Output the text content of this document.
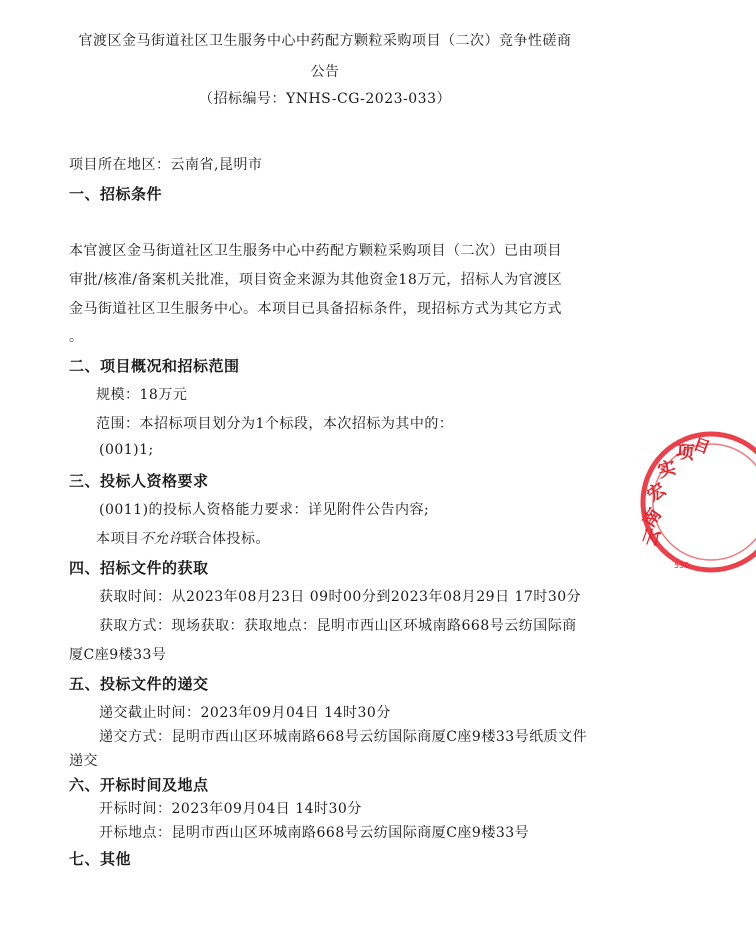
官渡区金马街道社区卫生服务中心中药配方颗粒采购项目（二次）竞争性磋商
公告
（招标编号：YNHS-CG-2023-033）
项目所在地区：云南省,昆明市
一、招标条件
本官渡区金马街道社区卫生服务中心中药配方颗粒采购项目（二次）已由项目
审批/核准/备案机关批准，项目资金来源为其他资金18万元，招标人为官渡区
金马街道社区卫生服务中心。本项目已具备招标条件，现招标方式为其它方式
。
二、项目概况和招标范围
规模：18万元
范围：本招标项目划分为1个标段，本次招标为其中的：
(001)1;
三、投标人资格要求
(0011)的投标人资格能力要求：详见附件公告内容;
本项目不允许联合体投标。
四、招标文件的获取
获取时间：从2023年08月23日 09时00分到2023年08月29日 17时30分
获取方式：现场获取：获取地点：昆明市西山区环城南路668号云纺国际商
厦C座9楼33号
五、投标文件的递交
递交截止时间：2023年09月04日 14时30分
递交方式：昆明市西山区环城南路668号云纺国际商厦C座9楼33号纸质文件
递交
六、开标时间及地点
开标时间：2023年09月04日 14时30分
开标地点：昆明市西山区环城南路668号云纺国际商厦C座9楼33号
七、其他
云
南
宏
实
项
目
530
